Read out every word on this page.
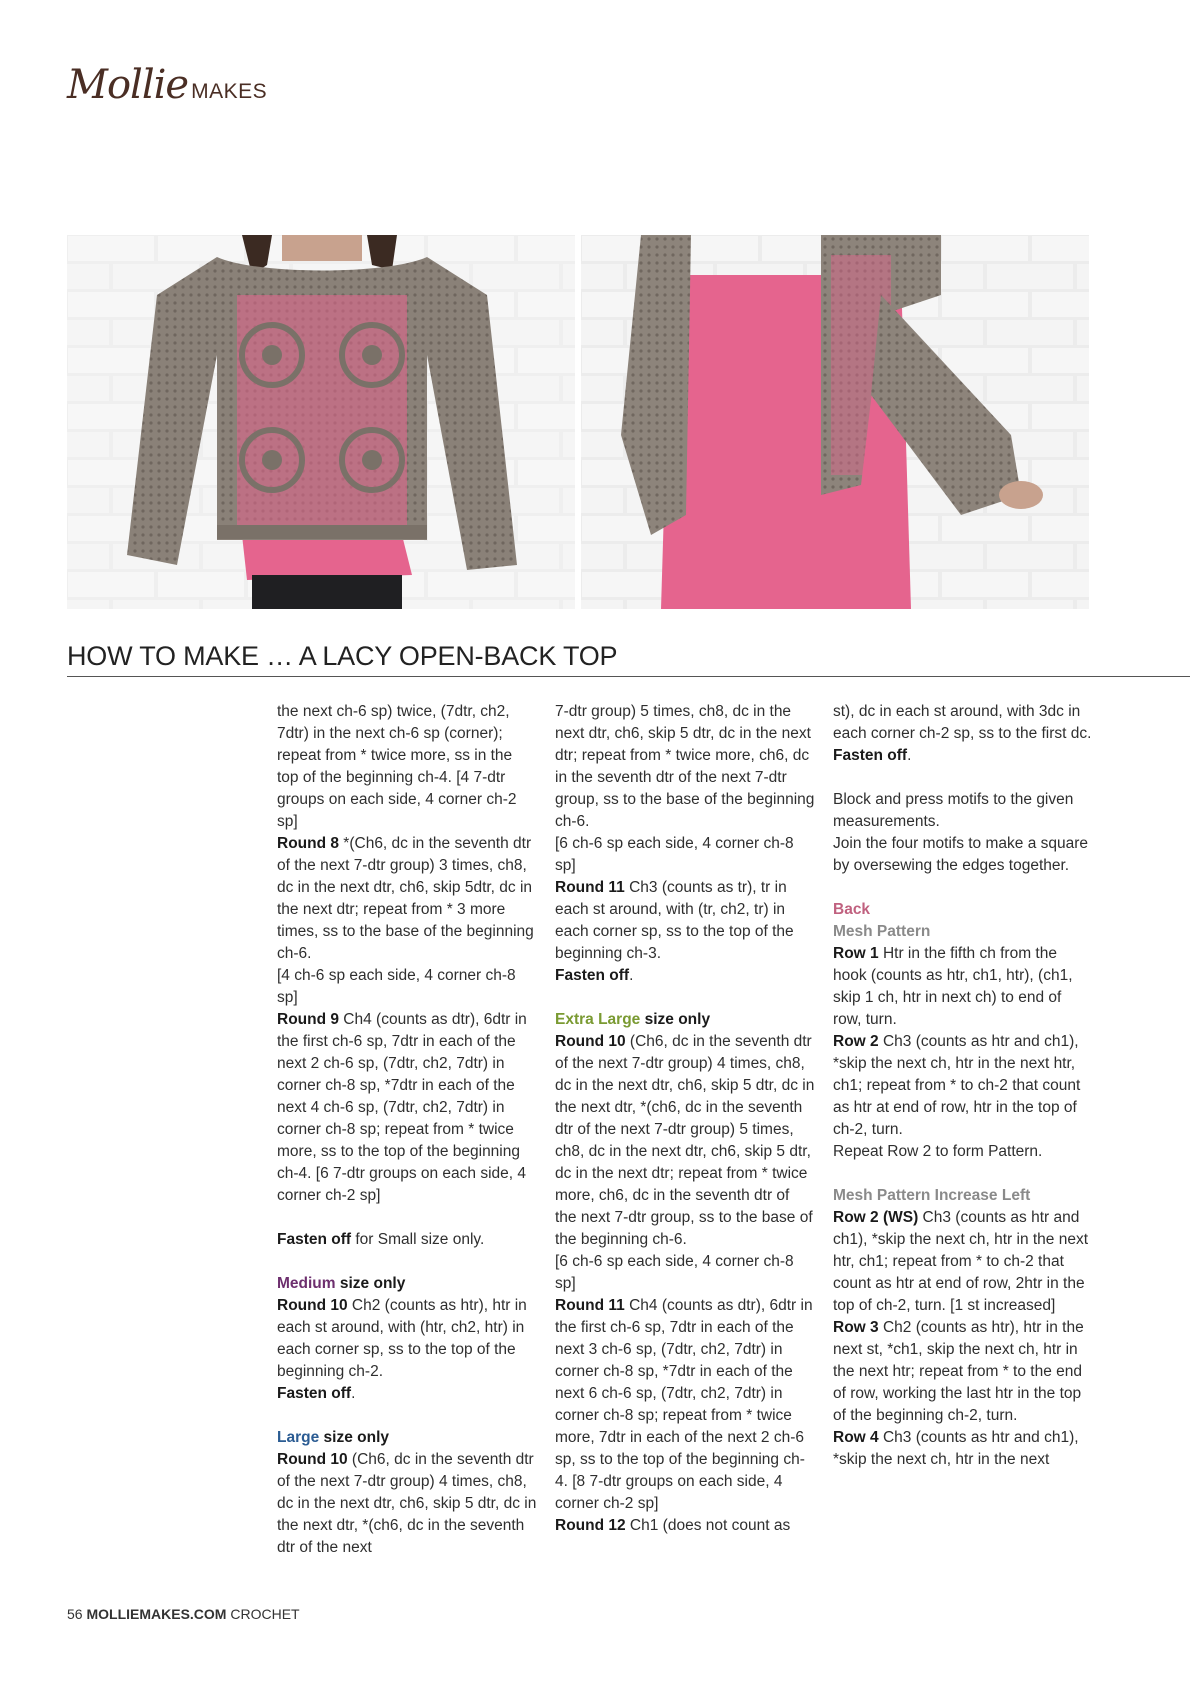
Mollie MAKES
HOW TO MAKE … A LACY OPEN-BACK TOP

the next ch-6 sp) twice, (7dtr, ch2, 7dtr) in the next ch-6 sp (corner); repeat from * twice more, ss in the top of the beginning ch-4. [4 7-dtr groups on each side, 4 corner ch-2 sp]

Round 8 *(Ch6, dc in the seventh dtr of the next 7-dtr group) 3 times, ch8, dc in the next dtr, ch6, skip 5dtr, dc in the next dtr; repeat from * 3 more times, ss to the base of the beginning ch-6.

[4 ch-6 sp each side, 4 corner ch-8 sp]

Round 9 Ch4 (counts as dtr), 6dtr in the first ch-6 sp, 7dtr in each of the next 2 ch-6 sp, (7dtr, ch2, 7dtr) in corner ch-8 sp, *7dtr in each of the next 4 ch-6 sp, (7dtr, ch2, 7dtr) in corner ch-8 sp; repeat from * twice more, ss to the top of the beginning ch-4. [6 7-dtr groups on each side, 4 corner ch-2 sp]

Fasten off for Small size only.

Medium size only

Round 10 Ch2 (counts as htr), htr in each st around, with (htr, ch2, htr) in each corner sp, ss to the top of the beginning ch-2.

Fasten off.

Large size only

Round 10 (Ch6, dc in the seventh dtr of the next 7-dtr group) 4 times, ch8, dc in the next dtr, ch6, skip 5 dtr, dc in the next dtr, *(ch6, dc in the seventh dtr of the next

7-dtr group) 5 times, ch8, dc in the next dtr, ch6, skip 5 dtr, dc in the next dtr; repeat from * twice more, ch6, dc in the seventh dtr of the next 7-dtr group, ss to the base of the beginning ch-6.

[6 ch-6 sp each side, 4 corner ch-8 sp]

Round 11 Ch3 (counts as tr), tr in each st around, with (tr, ch2, tr) in each corner sp, ss to the top of the beginning ch-3.

Fasten off.

Extra Large size only

Round 10 (Ch6, dc in the seventh dtr of the next 7-dtr group) 4 times, ch8, dc in the next dtr, ch6, skip 5 dtr, dc in the next dtr, *(ch6, dc in the seventh dtr of the next 7-dtr group) 5 times, ch8, dc in the next dtr, ch6, skip 5 dtr, dc in the next dtr; repeat from * twice more, ch6, dc in the seventh dtr of the next 7-dtr group, ss to the base of the beginning ch-6.

[6 ch-6 sp each side, 4 corner ch-8 sp]

Round 11 Ch4 (counts as dtr), 6dtr in the first ch-6 sp, 7dtr in each of the next 3 ch-6 sp, (7dtr, ch2, 7dtr) in corner ch-8 sp, *7dtr in each of the next 6 ch-6 sp, (7dtr, ch2, 7dtr) in corner ch-8 sp; repeat from * twice more, 7dtr in each of the next 2 ch-6 sp, ss to the top of the beginning ch-4. [8 7-dtr groups on each side, 4 corner ch-2 sp]

Round 12 Ch1 (does not count as

st), dc in each st around, with 3dc in each corner ch-2 sp, ss to the first dc.

Fasten off.

Block and press motifs to the given measurements.

Join the four motifs to make a square by oversewing the edges together.

Back

Mesh Pattern

Row 1 Htr in the fifth ch from the hook (counts as htr, ch1, htr), (ch1, skip 1 ch, htr in next ch) to end of row, turn.

Row 2 Ch3 (counts as htr and ch1), *skip the next ch, htr in the next htr, ch1; repeat from * to ch-2 that count as htr at end of row, htr in the top of ch-2, turn.

Repeat Row 2 to form Pattern.

Mesh Pattern Increase Left

Row 2 (WS) Ch3 (counts as htr and ch1), *skip the next ch, htr in the next htr, ch1; repeat from * to ch-2 that count as htr at end of row, 2htr in the top of ch-2, turn. [1 st increased]

Row 3 Ch2 (counts as htr), htr in the next st, *ch1, skip the next ch, htr in the next htr; repeat from * to the end of row, working the last htr in the top of the beginning ch-2, turn.

Row 4 Ch3 (counts as htr and ch1), *skip the next ch, htr in the next

56 MOLLIEMAKES.COM CROCHET
